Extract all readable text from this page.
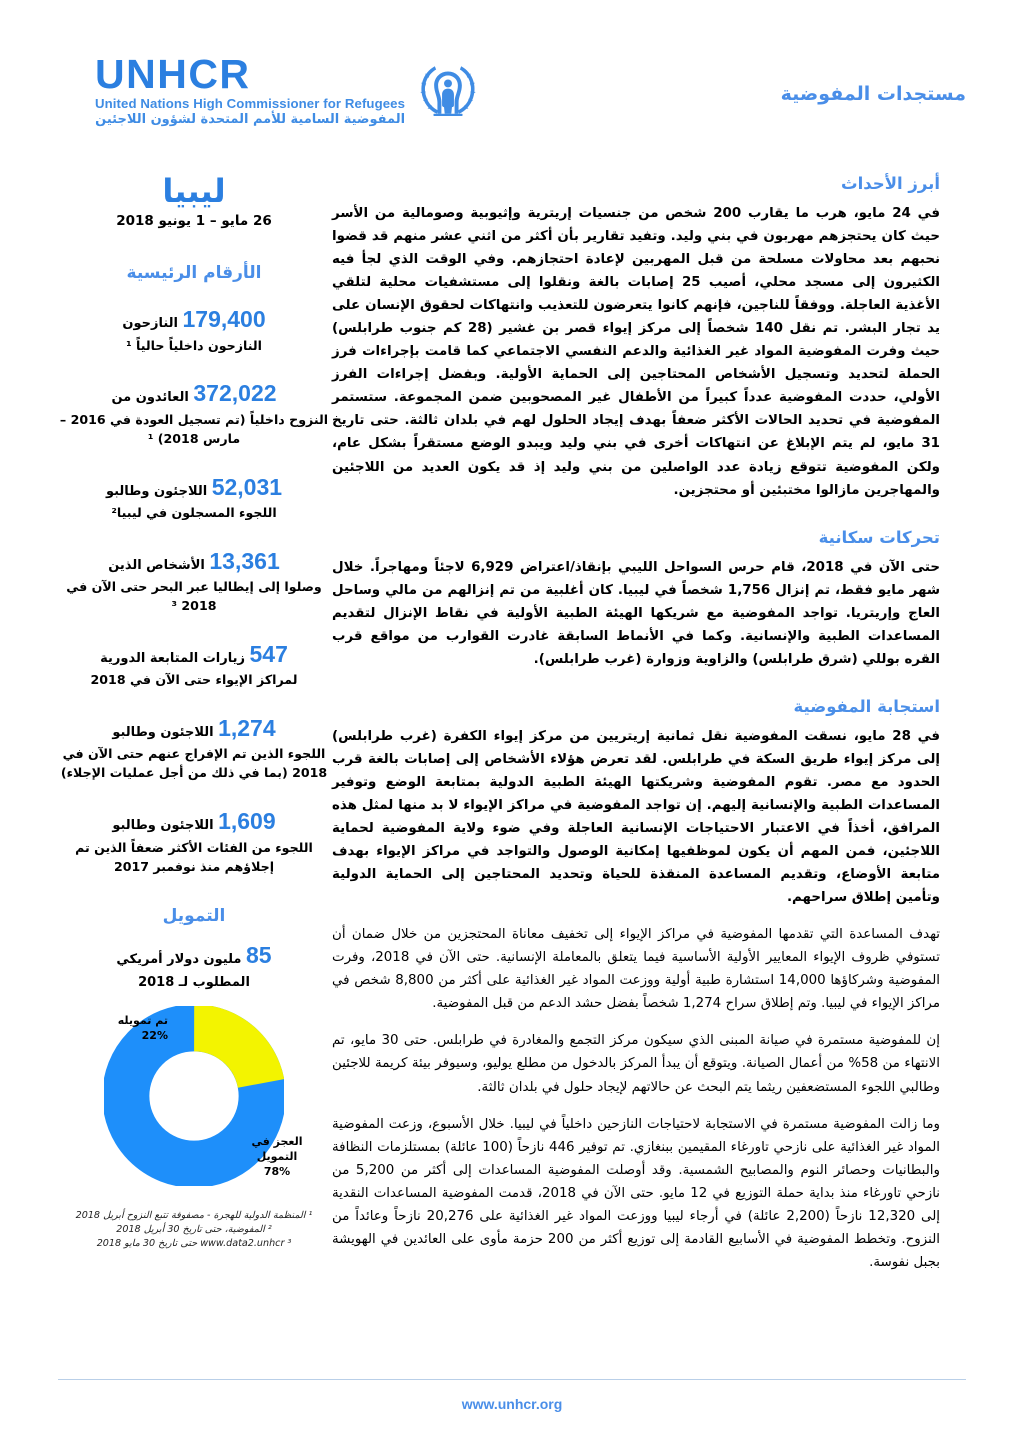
UNHCR
United Nations High Commissioner for Refugees
المفوضية السامية للأمم المتحدة لشؤون اللاجئين
مستجدات المفوضية
أبرز الأحداث

في 24 مايو، هرب ما يقارب 200 شخص من جنسيات إريترية وإثيوبية وصومالية من الأسر حيث كان يحتجزهم مهربون في بني وليد. وتفيد تقارير بأن أكثر من اثني عشر منهم قد قضوا نحبهم بعد محاولات مسلحة من قبل المهربين لإعادة احتجازهم. وفي الوقت الذي لجأ فيه الكثيرون إلى مسجد محلي، أصيب 25 إصابات بالغة ونقلوا إلى مستشفيات محلية لتلقي الأغذية العاجلة. ووفقاً للناجين، فإنهم كانوا يتعرضون للتعذيب وانتهاكات لحقوق الإنسان على يد تجار البشر. تم نقل 140 شخصاً إلى مركز إيواء قصر بن غشير (28 كم جنوب طرابلس) حيث وفرت المفوضية المواد غير الغذائية والدعم النفسي الاجتماعي كما قامت بإجراءات فرز الحملة لتحديد وتسجيل الأشخاص المحتاجين إلى الحماية الأولية. وبفضل إجراءات الفرز الأولي، حددت المفوضية عدداً كبيراً من الأطفال غير المصحوبين ضمن المجموعة. ستستمر المفوضية في تحديد الحالات الأكثر ضعفاً بهدف إيجاد الحلول لهم في بلدان ثالثة. حتى تاريخ 31 مايو، لم يتم الإبلاغ عن انتهاكات أخرى في بني وليد ويبدو الوضع مستقراً بشكل عام، ولكن المفوضية تتوقع زيادة عدد الواصلين من بني وليد إذ قد يكون العديد من اللاجئين والمهاجرين مازالوا مختبئين أو محتجزين.

تحركات سكانية

حتى الآن في 2018، قام حرس السواحل الليبي بإنقاذ/اعتراض 6,929 لاجئاً ومهاجراً. خلال شهر مايو فقط، تم إنزال 1,756 شخصاً في ليبيا. كان أغلبية من تم إنزالهم من مالي وساحل العاج وإريتريا. تواجد المفوضية مع شريكها الهيئة الطبية الأولية في نقاط الإنزال لتقديم المساعدات الطبية والإنسانية. وكما في الأنماط السابقة غادرت القوارب من مواقع قرب القره بوللي (شرق طرابلس) والزاوية وزوارة (غرب طرابلس).

استجابة المفوضية

في 28 مايو، نسقت المفوضية نقل ثمانية إريتريين من مركز إيواء الكفرة (غرب طرابلس) إلى مركز إيواء طريق السكة في طرابلس. لقد تعرض هؤلاء الأشخاص إلى إصابات بالغة قرب الحدود مع مصر. تقوم المفوضية وشريكتها الهيئة الطبية الدولية بمتابعة الوضع وتوفير المساعدات الطبية والإنسانية إليهم. إن تواجد المفوضية في مراكز الإيواء لا بد منها لمثل هذه المرافق، أخذاً في الاعتبار الاحتياجات الإنسانية العاجلة وفي ضوء ولاية المفوضية لحماية اللاجئين، فمن المهم أن يكون لموظفيها إمكانية الوصول والتواجد في مراكز الإيواء بهدف متابعة الأوضاع، وتقديم المساعدة المنقذة للحياة وتحديد المحتاجين إلى الحماية الدولية وتأمين إطلاق سراحهم.

تهدف المساعدة التي تقدمها المفوضية في مراكز الإيواء إلى تخفيف معاناة المحتجزين من خلال ضمان أن تستوفي ظروف الإيواء المعايير الأولية الأساسية فيما يتعلق بالمعاملة الإنسانية. حتى الآن في 2018، وفرت المفوضية وشركاؤها 14,000 استشارة طبية أولية ووزعت المواد غير الغذائية على أكثر من 8,800 شخص في مراكز الإيواء في ليبيا. وتم إطلاق سراح 1,274 شخصاً بفضل حشد الدعم من قبل المفوضية.

إن للمفوضية مستمرة في صيانة المبنى الذي سيكون مركز التجمع والمغادرة في طرابلس. حتى 30 مايو، تم الانتهاء من 58% من أعمال الصيانة. ويتوقع أن يبدأ المركز بالدخول من مطلع يوليو، وسيوفر بيئة كريمة للاجئين وطالبي اللجوء المستضعفين ريثما يتم البحث عن حالاتهم لإيجاد حلول في بلدان ثالثة.

وما زالت المفوضية مستمرة في الاستجابة لاحتياجات النازحين داخلياً في ليبيا. خلال الأسبوع، وزعت المفوضية المواد غير الغذائية على نازحي تاورغاء المقيمين ببنغازي. تم توفير 446 نازحاً (100 عائلة) بمستلزمات النظافة والبطانيات وحصائر النوم والمصابيح الشمسية. وقد أوصلت المفوضية المساعدات إلى أكثر من 5,200 من نازحي تاورغاء منذ بداية حملة التوزيع في 12 مايو. حتى الآن في 2018، قدمت المفوضية المساعدات النقدية إلى 12,320 نازحاً (2,200 عائلة) في أرجاء ليبيا ووزعت المواد غير الغذائية على 20,276 نازحاً وعائداً من النزوح. وتخطط المفوضية في الأسابيع القادمة إلى توزيع أكثر من 200 حزمة مأوى على العائدين في الهويشة بجبل نفوسة.

ليبيا
26 مايو – 1 يونيو 2018
الأرقام الرئيسية
179,400 النازحون
النازحون داخلياً حالياً ¹
372,022 العائدون من
النزوح داخلياً (تم تسجيل العودة في 2016 – مارس 2018) ¹
52,031 اللاجئون وطالبو
اللجوء المسجلون في ليبيا²
13,361 الأشخاص الذين
وصلوا إلى إيطاليا عبر البحر حتى الآن في 2018 ³
547 زيارات المتابعة الدورية
لمراكز الإيواء حتى الآن في 2018
1,274 اللاجئون وطالبو
اللجوء الذين تم الإفراج عنهم حتى الآن في 2018 (بما في ذلك من أجل عمليات الإجلاء)
1,609 اللاجئون وطالبو
اللجوء من الفئات الأكثر ضعفاً الذين تم إجلاؤهم منذ نوفمبر 2017
التمويل
85 مليون دولار أمريكي
المطلوب لـ 2018
تم تمويله
22%
العجز في
التمويل
78%
¹ المنظمة الدولية للهجرة - مصفوفة تتبع النزوح أبريل 2018
² المفوضية، حتى تاريخ 30 أبريل 2018
³ www.data2.unhcr حتى تاريخ 30 مايو 2018
www.unhcr.org
